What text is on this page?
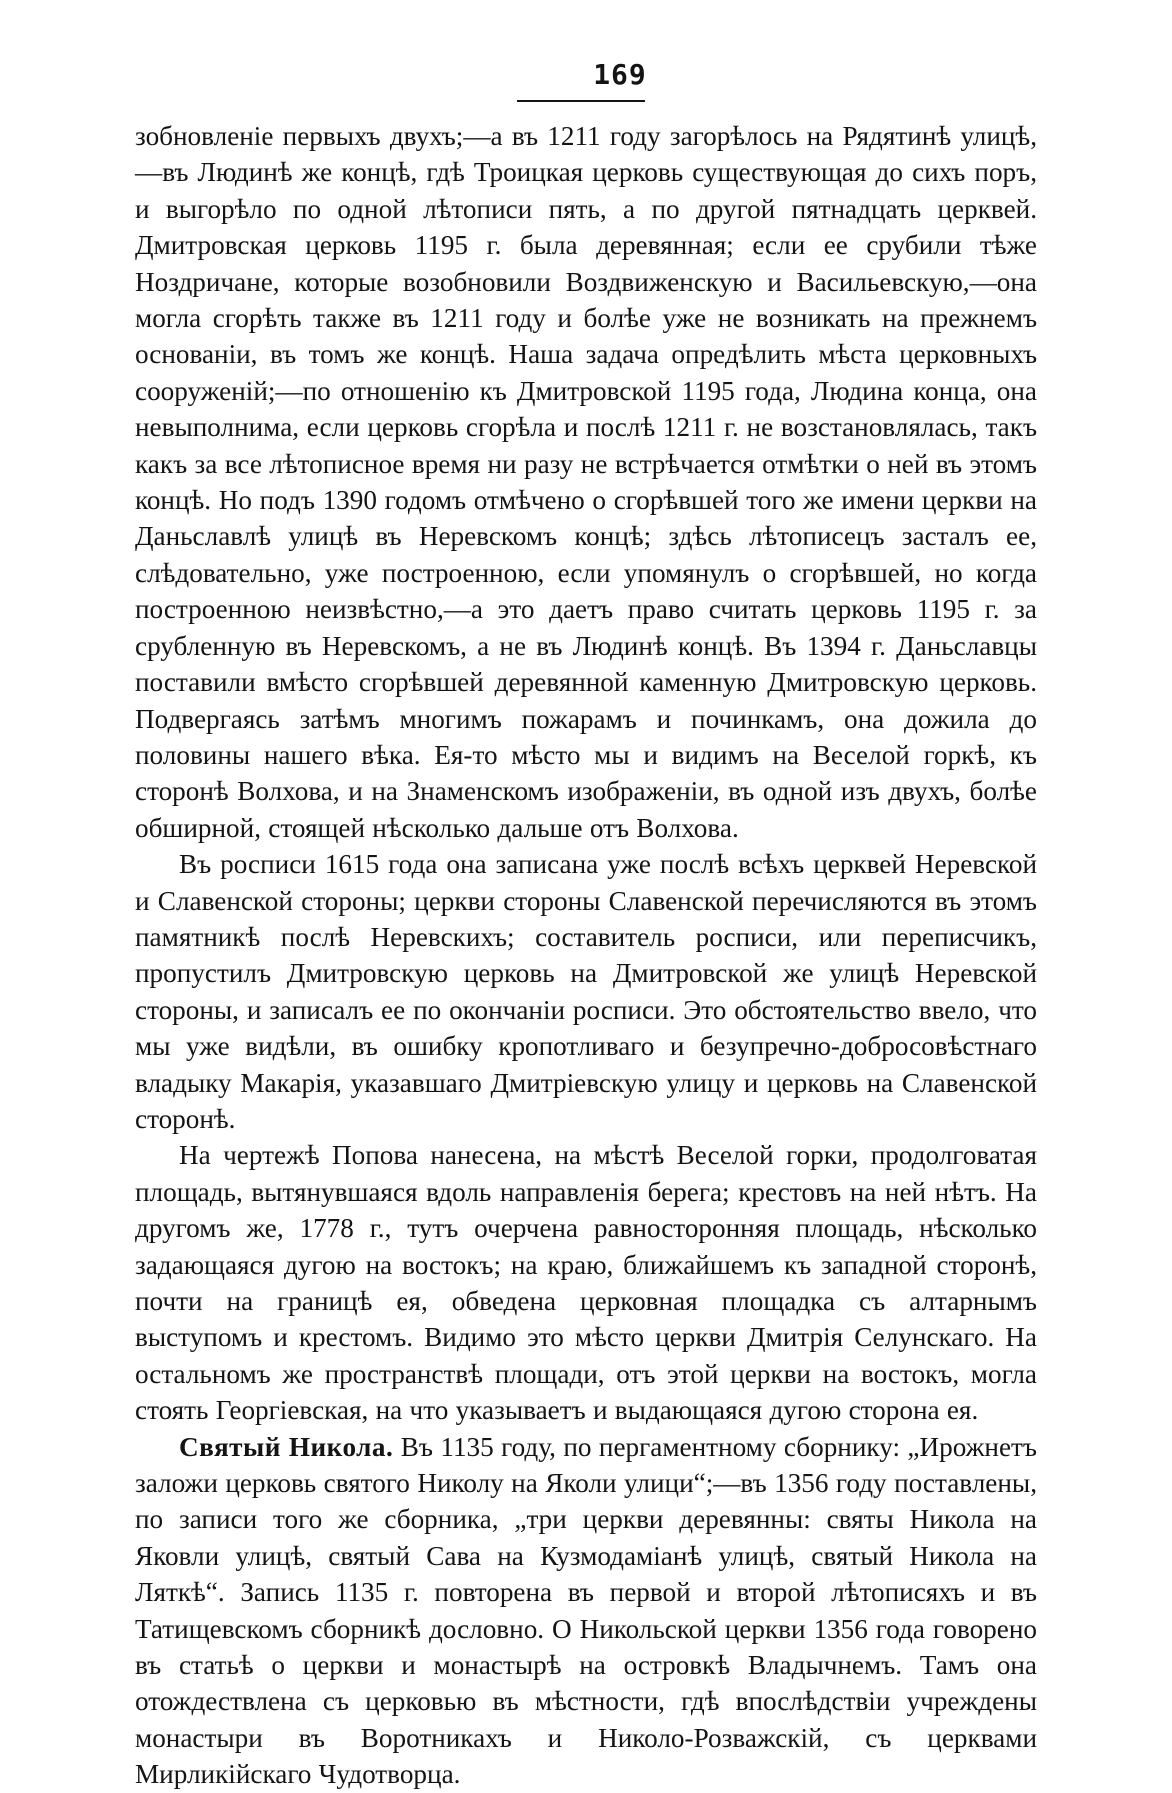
169

зобновленіе первыхъ двухъ;—а въ 1211 году загорѣлось на Рядятинѣ улицѣ,—въ Людинѣ же концѣ, гдѣ Троицкая церковь существующая до сихъ поръ, и выгорѣло по одной лѣтописи пять, а по другой пятнадцать церквей. Дмитровская церковь 1195 г. была деревянная; если ее срубили тѣже Ноздричане, которые возобновили Воздвиженскую и Васильевскую,—она могла сгорѣть также въ 1211 году и болѣе уже не возникать на прежнемъ основаніи, въ томъ же концѣ. Наша задача опредѣлить мѣста церковныхъ сооруженій;—по отношенію къ Дмитровской 1195 года, Людина конца, она невыполнима, если церковь сгорѣла и послѣ 1211 г. не возстановлялась, такъ какъ за все лѣтописное время ни разу не встрѣчается отмѣтки о ней въ этомъ концѣ. Но подъ 1390 годомъ отмѣчено о сгорѣвшей того же имени церкви на Даньславлѣ улицѣ въ Неревскомъ концѣ; здѣсь лѣтописецъ засталъ ее, слѣдовательно, уже построенною, если упомянулъ о сгорѣвшей, но когда построенною неизвѣстно,—а это даетъ право считать церковь 1195 г. за срубленную въ Неревскомъ, а не въ Людинѣ концѣ. Въ 1394 г. Даньславцы поставили вмѣсто сгорѣвшей деревянной каменную Дмитровскую церковь. Подвергаясь затѣмъ многимъ пожарамъ и починкамъ, она дожила до половины нашего вѣка. Ея-то мѣсто мы и видимъ на Веселой горкѣ, къ сторонѣ Волхова, и на Знаменскомъ изображеніи, въ одной изъ двухъ, болѣе обширной, стоящей нѣсколько дальше отъ Волхова.

Въ росписи 1615 года она записана уже послѣ всѣхъ церквей Неревской и Славенской стороны; церкви стороны Славенской перечисляются въ этомъ памятникѣ послѣ Неревскихъ; составитель росписи, или переписчикъ, пропустилъ Дмитровскую церковь на Дмитровской же улицѣ Неревской стороны, и записалъ ее по окончаніи росписи. Это обстоятельство ввело, что мы уже видѣли, въ ошибку кропотливаго и безупречно-добросовѣстнаго владыку Макарія, указавшаго Дмитріевскую улицу и церковь на Славенской сторонѣ.

На чертежѣ Попова нанесена, на мѣстѣ Веселой горки, продолговатая площадь, вытянувшаяся вдоль направленія берега; крестовъ на ней нѣтъ. На другомъ же, 1778 г., тутъ очерчена равносторонняя площадь, нѣсколько задающаяся дугою на востокъ; на краю, ближайшемъ къ западной сторонѣ, почти на границѣ ея, обведена церковная площадка съ алтарнымъ выступомъ и крестомъ. Видимо это мѣсто церкви Дмитрія Селунскаго. На остальномъ же пространствѣ площади, отъ этой церкви на востокъ, могла стоять Георгіевская, на что указываетъ и выдающаяся дугою сторона ея.

Святый Никола. Въ 1135 году, по пергаментному сборнику: „Ирожнетъ заложи церковь святого Николу на Яколи улици“;—въ 1356 году поставлены, по записи того же сборника, „три церкви деревянны: святы Никола на Яковли улицѣ, святый Сава на Кузмодаміанѣ улицѣ, святый Никола на Ляткѣ“. Запись 1135 г. повторена въ первой и второй лѣтописяхъ и въ Татищевскомъ сборникѣ дословно. О Никольской церкви 1356 года говорено въ статьѣ о церкви и монастырѣ на островкѣ Владычнемъ. Тамъ она отождествлена съ церковью въ мѣстности, гдѣ впослѣдствіи учреждены монастыри въ Воротникахъ и Николо-Розважскій, съ церквами Мирликійскаго Чудотворца.
